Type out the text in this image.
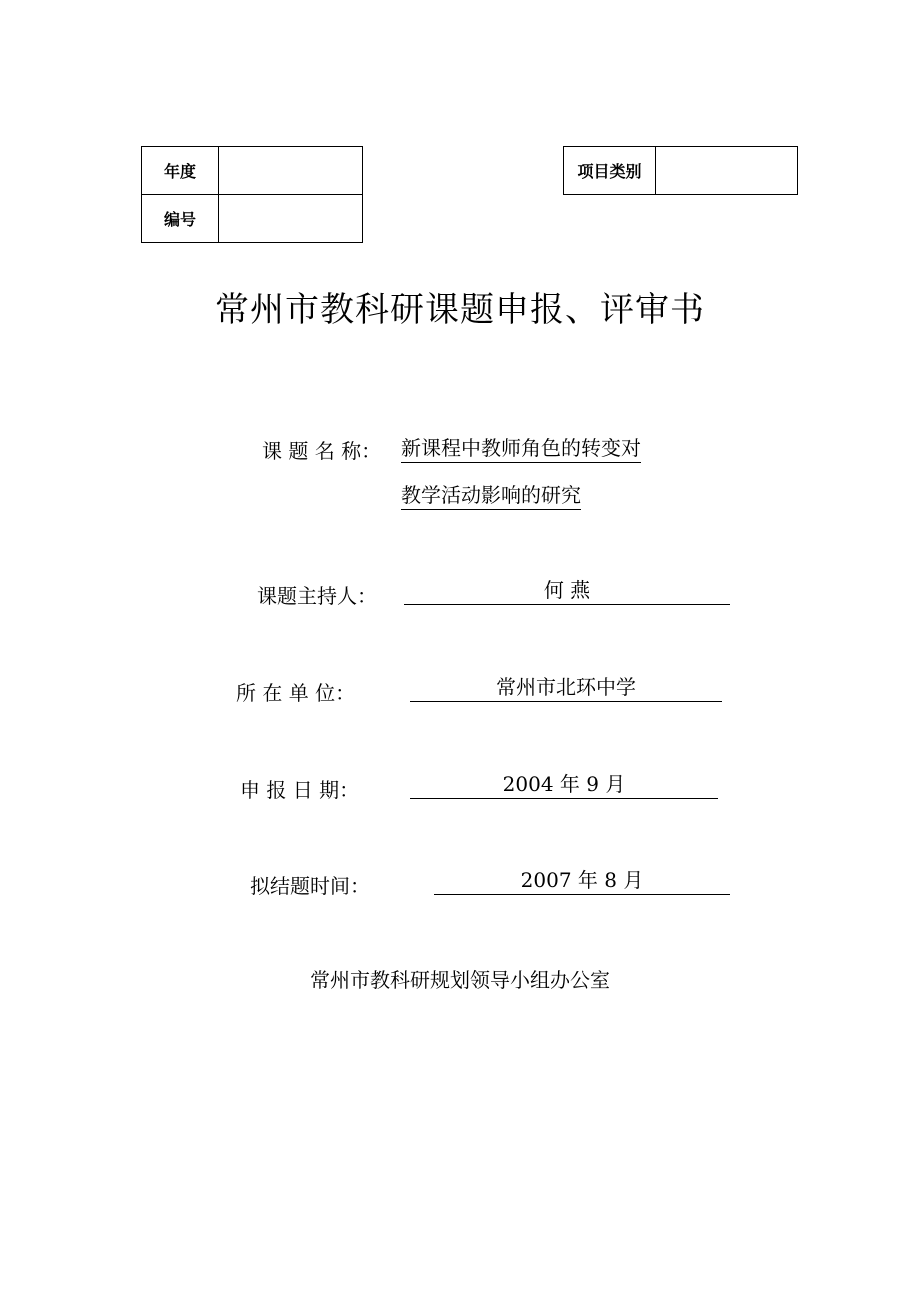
年度	
编号	
项目类别	
常州市教科研课题申报、评审书
课 题 名 称： 新课程中教师角色的转变对
教学活动影响的研究
课题主持人：	何 燕
所 在 单 位：	常州市北环中学
申 报 日 期：	2004 年 9 月
拟结题时间：	2007 年 8 月
常州市教科研规划领导小组办公室
